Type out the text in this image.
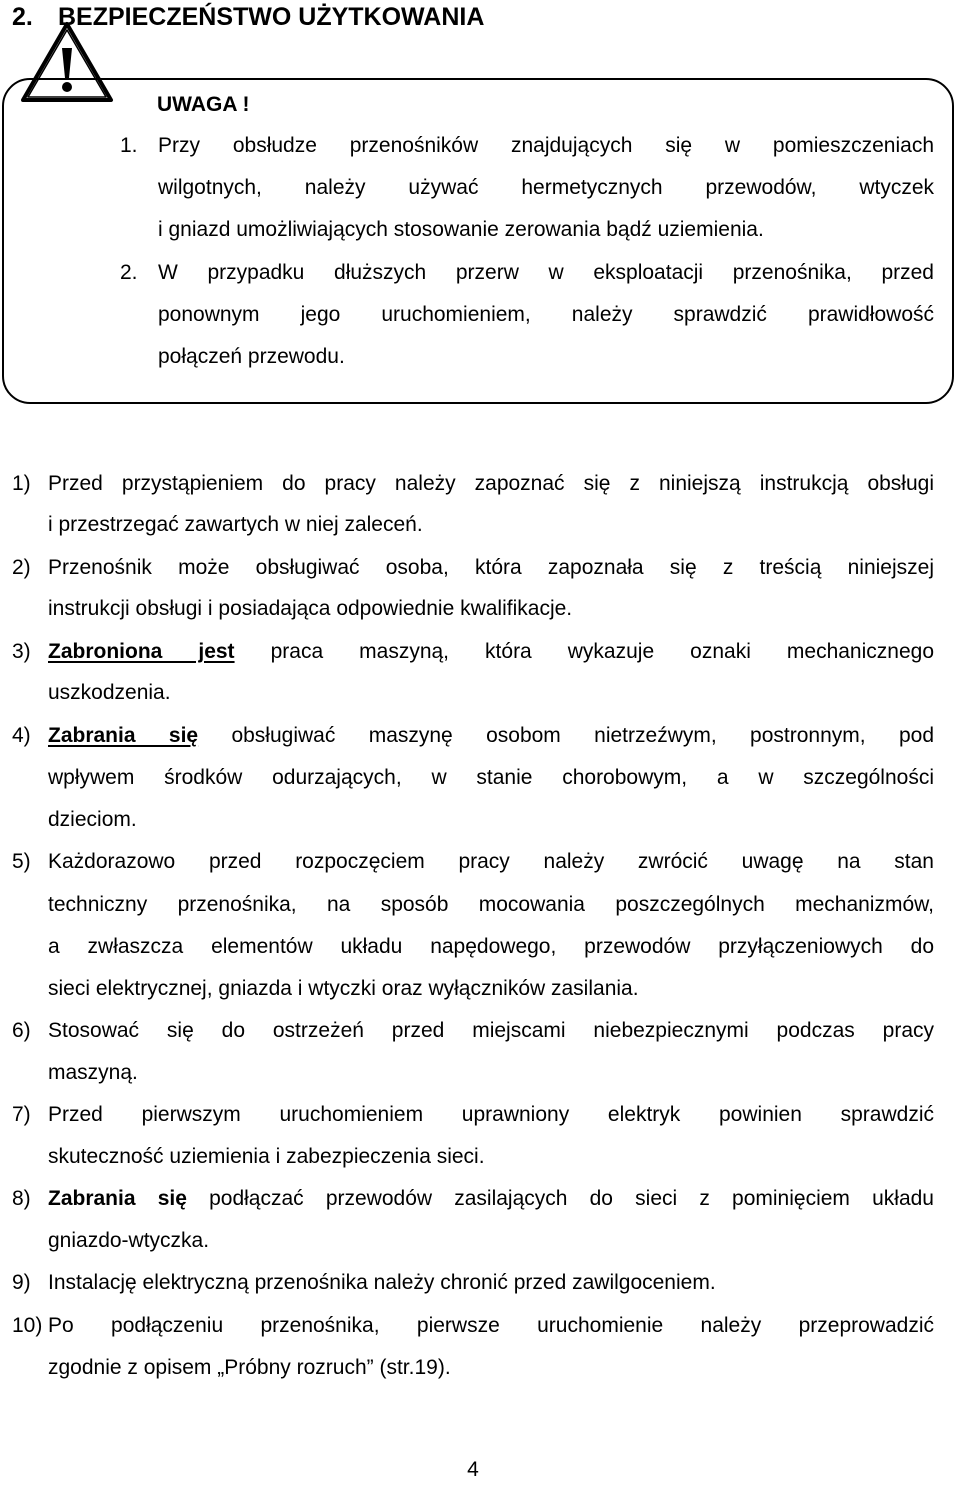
2. BEZPIECZEŃSTWO UŻYTKOWANIA
UWAGA !
1. Przy obsłudze przenośników znajdujących się w pomieszczeniach
wilgotnych, należy używać hermetycznych przewodów, wtyczek
i gniazd umożliwiających stosowanie zerowania bądź uziemienia.
2. W przypadku dłuższych przerw w eksploatacji przenośnika, przed
ponownym jego uruchomieniem, należy sprawdzić prawidłowość
połączeń przewodu.
1) Przed przystąpieniem do pracy należy zapoznać się z niniejszą instrukcją obsługi
i przestrzegać zawartych w niej zaleceń.
2) Przenośnik może obsługiwać osoba, która zapoznała się z treścią niniejszej
instrukcji obsługi i posiadająca odpowiednie kwalifikacje.
3) Zabroniona jest praca maszyną, która wykazuje oznaki mechanicznego
uszkodzenia.
4) Zabrania się obsługiwać maszynę osobom nietrzeźwym, postronnym, pod
wpływem środków odurzających, w stanie chorobowym, a w szczególności
dzieciom.
5) Każdorazowo przed rozpoczęciem pracy należy zwrócić uwagę na stan
techniczny przenośnika, na sposób mocowania poszczególnych mechanizmów,
a zwłaszcza elementów układu napędowego, przewodów przyłączeniowych do
sieci elektrycznej, gniazda i wtyczki oraz wyłączników zasilania.
6) Stosować się do ostrzeżeń przed miejscami niebezpiecznymi podczas pracy
maszyną.
7) Przed pierwszym uruchomieniem uprawniony elektryk powinien sprawdzić
skuteczność uziemienia i zabezpieczenia sieci.
8) Zabrania się podłączać przewodów zasilających do sieci z pominięciem układu
gniazdo-wtyczka.
9) Instalację elektryczną przenośnika należy chronić przed zawilgoceniem.
10) Po podłączeniu przenośnika, pierwsze uruchomienie należy przeprowadzić
zgodnie z opisem „Próbny rozruch” (str.19).
4
